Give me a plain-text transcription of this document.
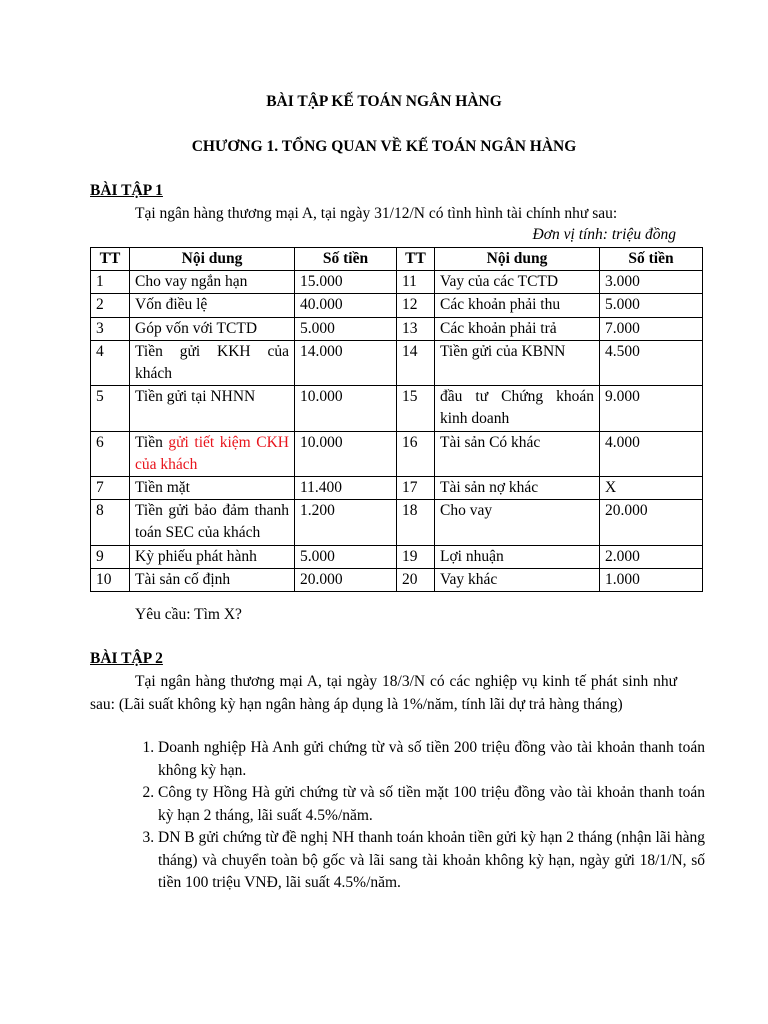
BÀI TẬP KẾ TOÁN NGÂN HÀNG
CHƯƠNG 1. TỔNG QUAN VỀ KẾ TOÁN NGÂN HÀNG
BÀI TẬP 1
Tại ngân hàng thương mại A, tại ngày 31/12/N có tình hình tài chính như sau:
Đơn vị tính: triệu đồng
TT	Nội dung	Số tiền	TT	Nội dung	Số tiền
1	Cho vay ngắn hạn	15.000	11	Vay của các TCTD	3.000
2	Vốn điều lệ	40.000	12	Các khoản phải thu	5.000
3	Góp vốn với TCTD	5.000	13	Các khoản phải trả	7.000
4	Tiền gửi KKH của khách	14.000	14	Tiền gửi của KBNN	4.500
5	Tiền gửi tại NHNN	10.000	15	đầu tư Chứng khoán kinh doanh	9.000
6	Tiền gửi tiết kiệm CKH của khách	10.000	16	Tài sản Có khác	4.000
7	Tiền mặt	11.400	17	Tài sản nợ khác	X
8	Tiền gửi bảo đảm thanh toán SEC của khách	1.200	18	Cho vay	20.000
9	Kỳ phiếu phát hành	5.000	19	Lợi nhuận	2.000
10	Tài sản cố định	20.000	20	Vay khác	1.000
Yêu cầu: Tìm X?
BÀI TẬP 2
Tại ngân hàng thương mại A, tại ngày 18/3/N có các nghiệp vụ kinh tế phát sinh như sau: (Lãi suất không kỳ hạn ngân hàng áp dụng là 1%/năm, tính lãi dự trả hàng tháng)
1. Doanh nghiệp Hà Anh gửi chứng từ và số tiền 200 triệu đồng vào tài khoản thanh toán không kỳ hạn.
2. Công ty Hồng Hà gửi chứng từ và số tiền mặt 100 triệu đồng vào tài khoản thanh toán kỳ hạn 2 tháng, lãi suất 4.5%/năm.
3. DN B gửi chứng từ đề nghị NH thanh toán khoản tiền gửi kỳ hạn 2 tháng (nhận lãi hàng tháng) và chuyển toàn bộ gốc và lãi sang tài khoản không kỳ hạn, ngày gửi 18/1/N, số tiền 100 triệu VNĐ, lãi suất 4.5%/năm.
